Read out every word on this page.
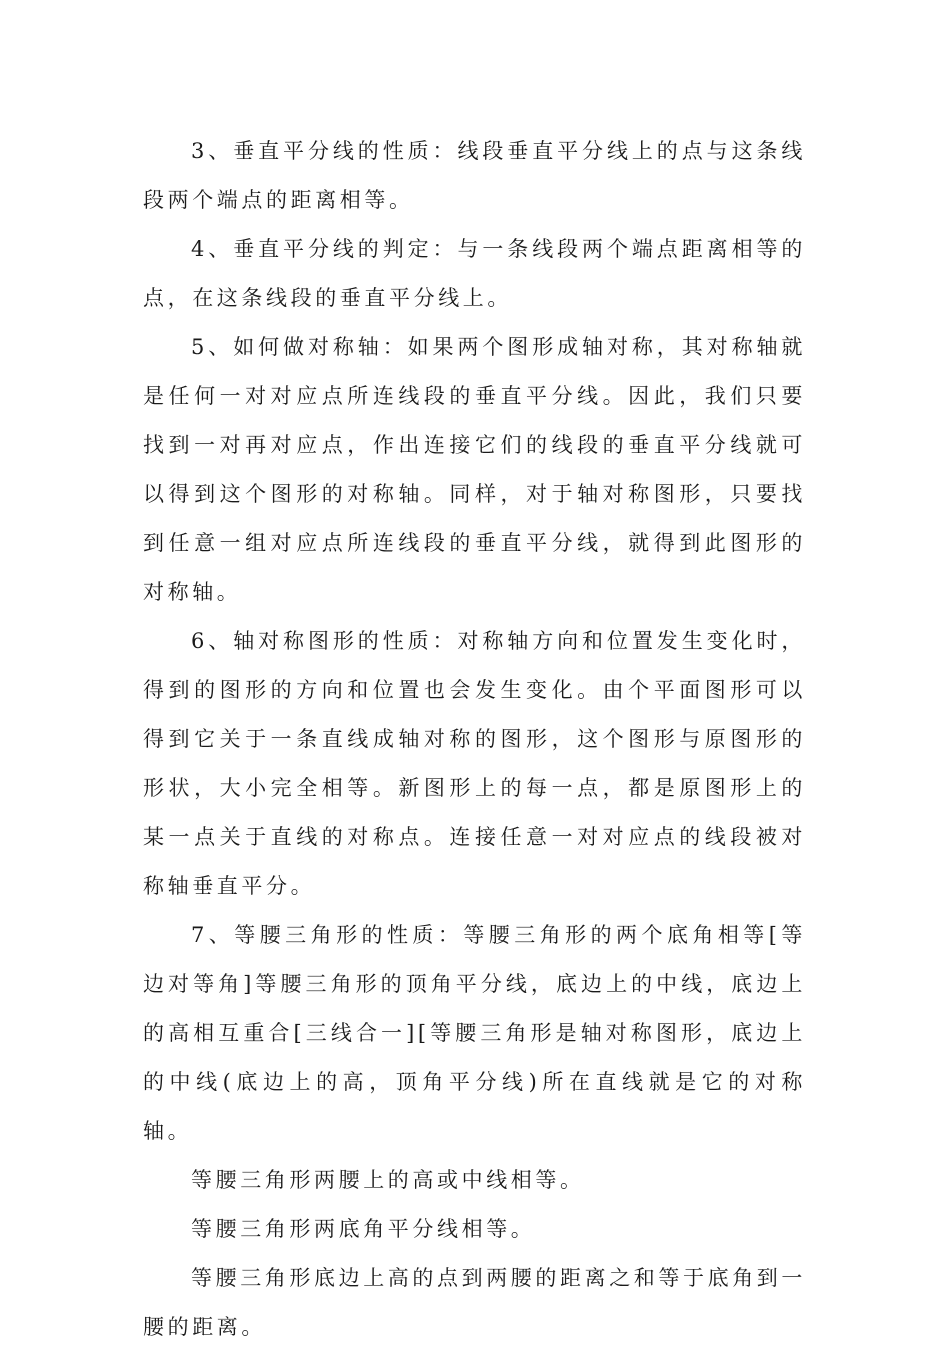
3、垂直平分线的性质：线段垂直平分线上的点与这条线段两个端点的距离相等。

4、垂直平分线的判定：与一条线段两个端点距离相等的点，在这条线段的垂直平分线上。

5、如何做对称轴：如果两个图形成轴对称，其对称轴就是任何一对对应点所连线段的垂直平分线。因此，我们只要找到一对再对应点，作出连接它们的线段的垂直平分线就可以得到这个图形的对称轴。同样，对于轴对称图形，只要找到任意一组对应点所连线段的垂直平分线，就得到此图形的对称轴。

6、轴对称图形的性质：对称轴方向和位置发生变化时，得到的图形的方向和位置也会发生变化。由个平面图形可以得到它关于一条直线成轴对称的图形，这个图形与原图形的形状，大小完全相等。新图形上的每一点，都是原图形上的某一点关于直线的对称点。连接任意一对对应点的线段被对称轴垂直平分。

7、等腰三角形的性质：等腰三角形的两个底角相等[等边对等角]等腰三角形的顶角平分线，底边上的中线，底边上的高相互重合[三线合一][等腰三角形是轴对称图形，底边上的中线(底边上的高，顶角平分线)所在直线就是它的对称轴。

等腰三角形两腰上的高或中线相等。

等腰三角形两底角平分线相等。

等腰三角形底边上高的点到两腰的距离之和等于底角到一腰的距离。
